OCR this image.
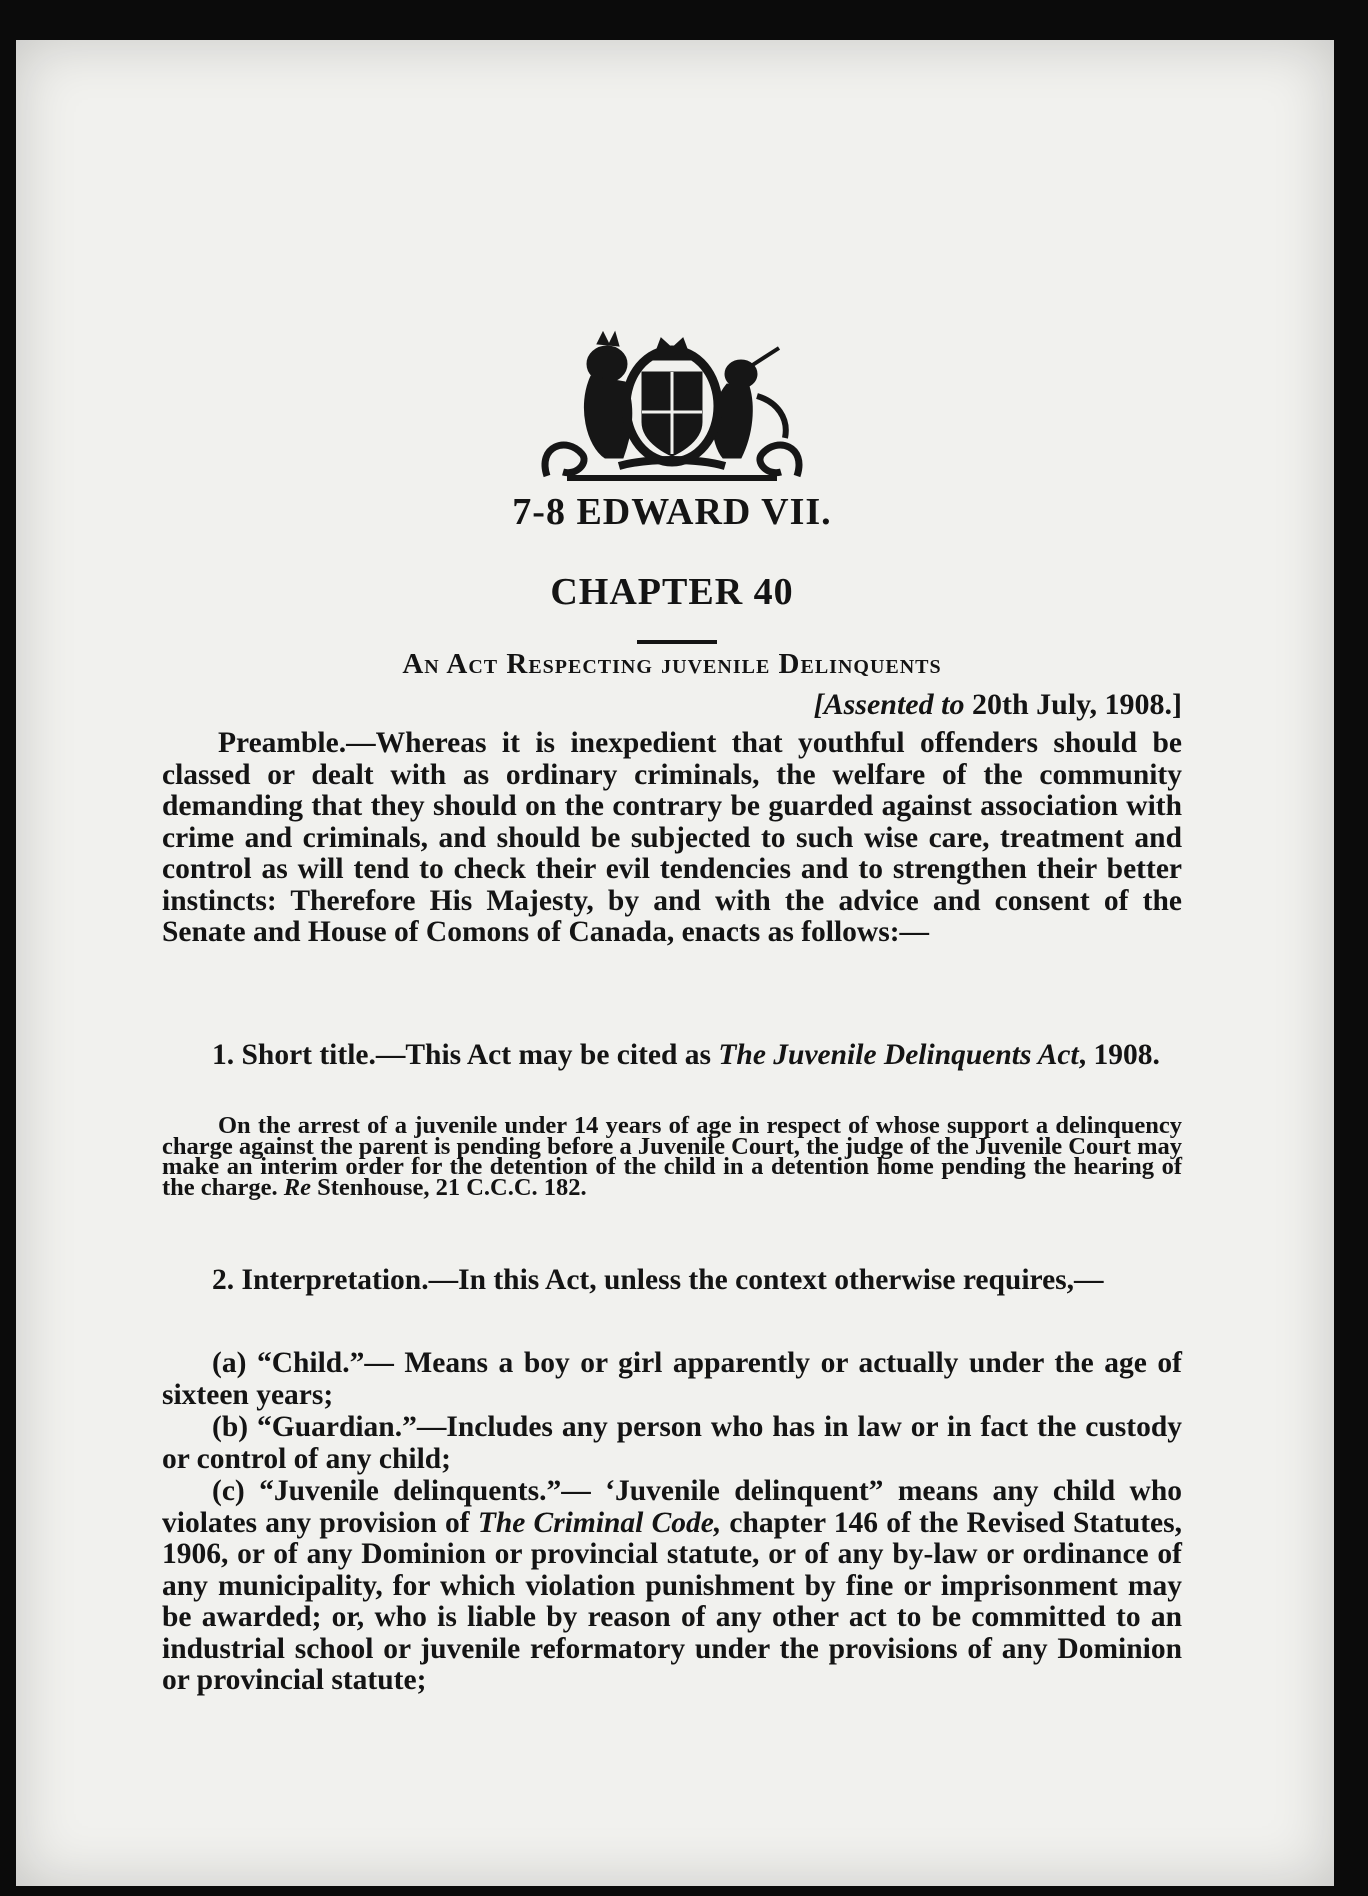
7-8 EDWARD VII.
CHAPTER 40
An Act Respecting juvenile Delinquents
[Assented to 20th July, 1908.]

Preamble.—Whereas it is inexpedient that youthful offenders should be classed or dealt with as ordinary criminals, the welfare of the community demanding that they should on the contrary be guarded against association with crime and criminals, and should be subjected to such wise care, treatment and control as will tend to check their evil tendencies and to strengthen their better instincts: Therefore His Majesty, by and with the advice and consent of the Senate and House of Comons of Canada, enacts as follows:—

1. Short title.—This Act may be cited as The Juvenile Delinquents Act, 1908.

On the arrest of a juvenile under 14 years of age in respect of whose support a delinquency charge against the parent is pending before a Juvenile Court, the judge of the Juvenile Court may make an interim order for the detention of the child in a detention home pending the hearing of the charge. Re Stenhouse, 21 C.C.C. 182.

2. Interpretation.—In this Act, unless the context otherwise requires,—

(a) “Child.”— Means a boy or girl apparently or actually under the age of sixteen years;

(b) “Guardian.”—Includes any person who has in law or in fact the custody or control of any child;

(c) “Juvenile delinquents.”— ‘Juvenile delinquent” means any child who violates any provision of The Criminal Code, chapter 146 of the Revised Statutes, 1906, or of any Dominion or provincial statute, or of any by-law or ordinance of any municipality, for which violation punishment by fine or imprisonment may be awarded; or, who is liable by reason of any other act to be committed to an industrial school or juvenile reformatory under the provisions of any Dominion or provincial statute;
